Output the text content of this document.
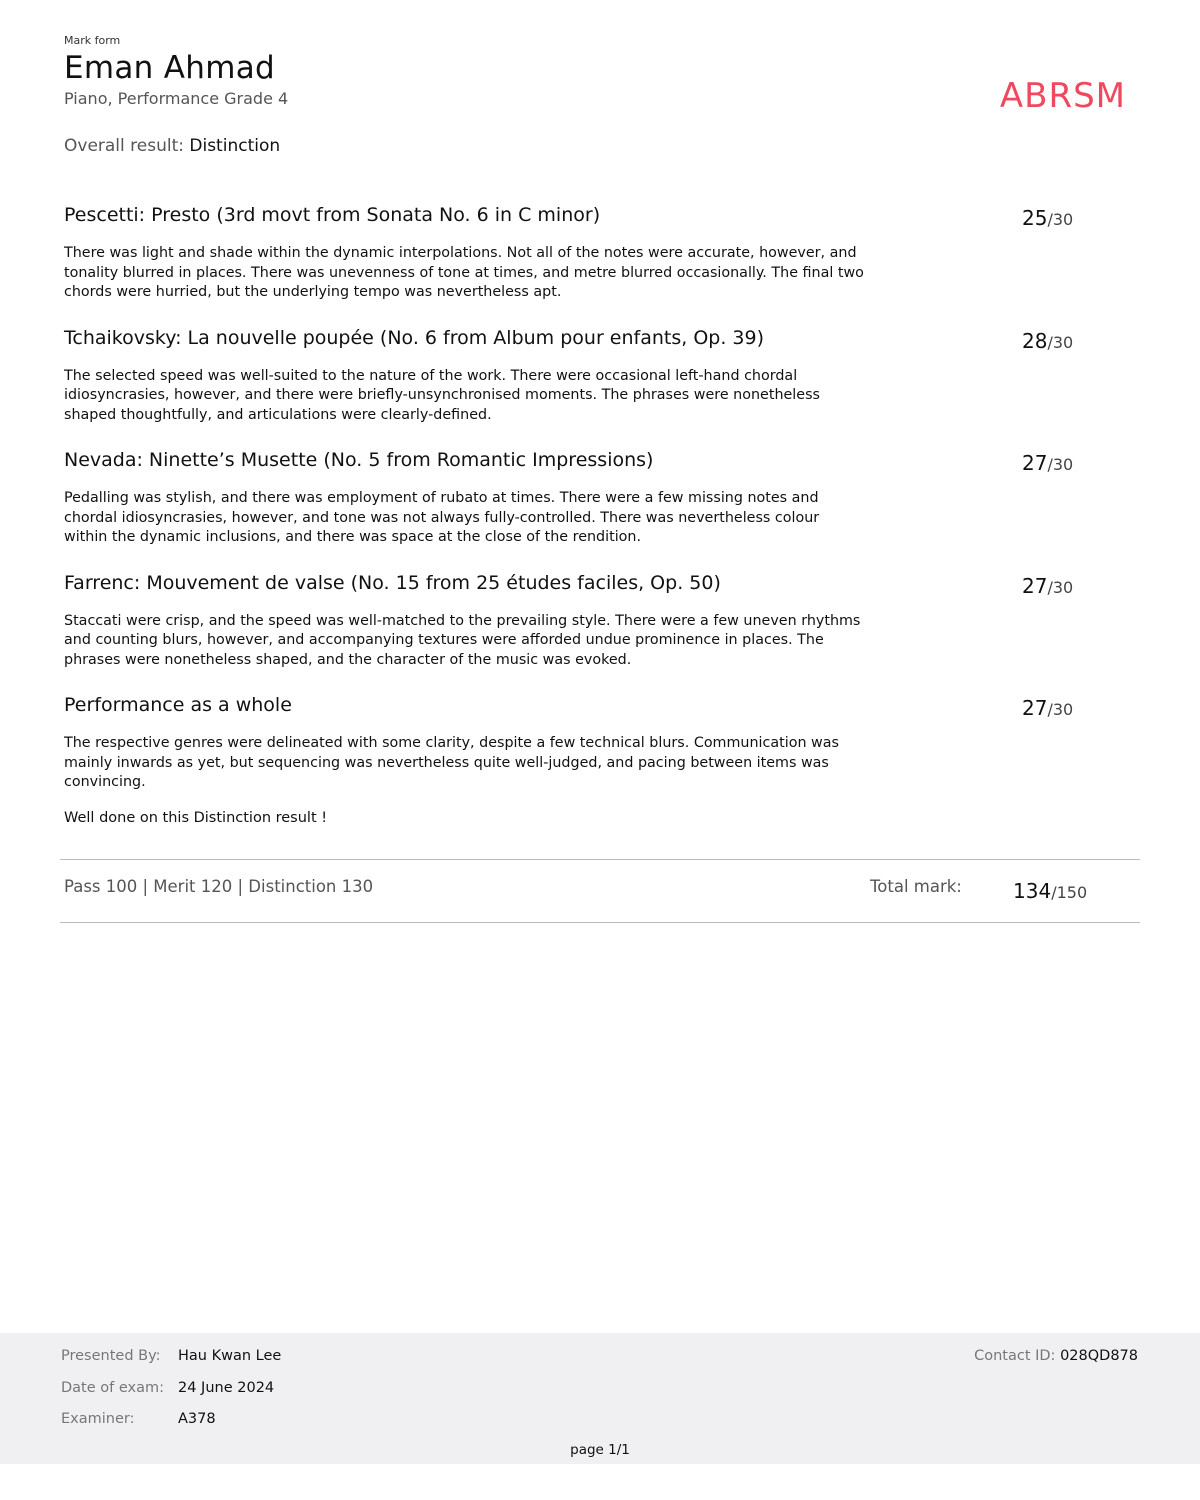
Mark form
Eman Ahmad
Piano, Performance Grade 4
Overall result: Distinction
ABRSM
Pescetti: Presto (3rd movt from Sonata No. 6 in C minor)	25/30
There was light and shade within the dynamic interpolations. Not all of the notes were accurate, however, and tonality blurred in places. There was unevenness of tone at times, and metre blurred occasionally. The final two chords were hurried, but the underlying tempo was nevertheless apt.
Tchaikovsky: La nouvelle poupée (No. 6 from Album pour enfants, Op. 39)	28/30
The selected speed was well-suited to the nature of the work. There were occasional left-hand chordal idiosyncrasies, however, and there were briefly-unsynchronised moments. The phrases were nonetheless shaped thoughtfully, and articulations were clearly-defined.
Nevada: Ninette’s Musette (No. 5 from Romantic Impressions)	27/30
Pedalling was stylish, and there was employment of rubato at times. There were a few missing notes and chordal idiosyncrasies, however, and tone was not always fully-controlled. There was nevertheless colour within the dynamic inclusions, and there was space at the close of the rendition.
Farrenc: Mouvement de valse (No. 15 from 25 études faciles, Op. 50)	27/30
Staccati were crisp, and the speed was well-matched to the prevailing style. There were a few uneven rhythms and counting blurs, however, and accompanying textures were afforded undue prominence in places. The phrases were nonetheless shaped, and the character of the music was evoked.
Performance as a whole	27/30
The respective genres were delineated with some clarity, despite a few technical blurs. Communication was mainly inwards as yet, but sequencing was nevertheless quite well-judged, and pacing between items was convincing.
Well done on this Distinction result !
Pass 100 | Merit 120 | Distinction 130	Total mark:	134/150
Presented By: Hau Kwan Lee
Date of exam: 24 June 2024
Examiner:	A378
Contact ID: 028QD878
page 1/1
